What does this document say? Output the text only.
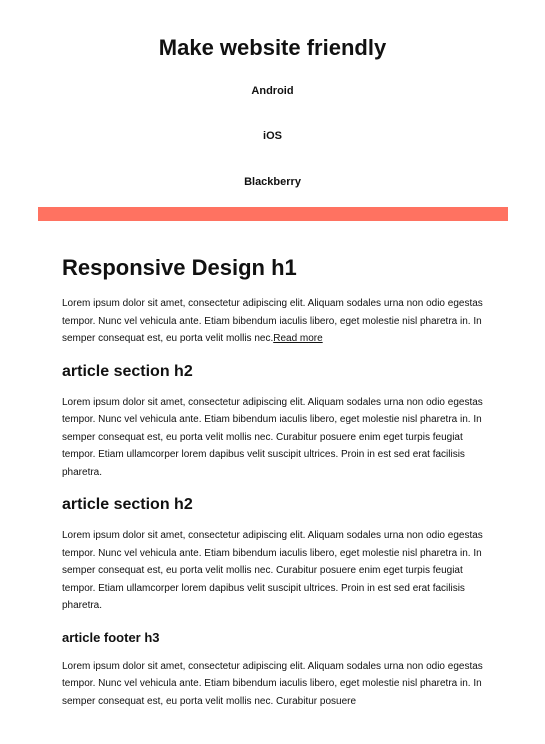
Make website friendly
Android
iOS
Blackberry
Responsive Design h1

Lorem ipsum dolor sit amet, consectetur adipiscing elit. Aliquam sodales urna non odio egestas tempor. Nunc vel vehicula ante. Etiam bibendum iaculis libero, eget molestie nisl pharetra in. In semper consequat est, eu porta velit mollis nec.Read more

article section h2

Lorem ipsum dolor sit amet, consectetur adipiscing elit. Aliquam sodales urna non odio egestas tempor. Nunc vel vehicula ante. Etiam bibendum iaculis libero, eget molestie nisl pharetra in. In semper consequat est, eu porta velit mollis nec. Curabitur posuere enim eget turpis feugiat tempor. Etiam ullamcorper lorem dapibus velit suscipit ultrices. Proin in est sed erat facilisis pharetra.

article section h2

Lorem ipsum dolor sit amet, consectetur adipiscing elit. Aliquam sodales urna non odio egestas tempor. Nunc vel vehicula ante. Etiam bibendum iaculis libero, eget molestie nisl pharetra in. In semper consequat est, eu porta velit mollis nec. Curabitur posuere enim eget turpis feugiat tempor. Etiam ullamcorper lorem dapibus velit suscipit ultrices. Proin in est sed erat facilisis pharetra.

article footer h3

Lorem ipsum dolor sit amet, consectetur adipiscing elit. Aliquam sodales urna non odio egestas tempor. Nunc vel vehicula ante. Etiam bibendum iaculis libero, eget molestie nisl pharetra in. In semper consequat est, eu porta velit mollis nec. Curabitur posuere
